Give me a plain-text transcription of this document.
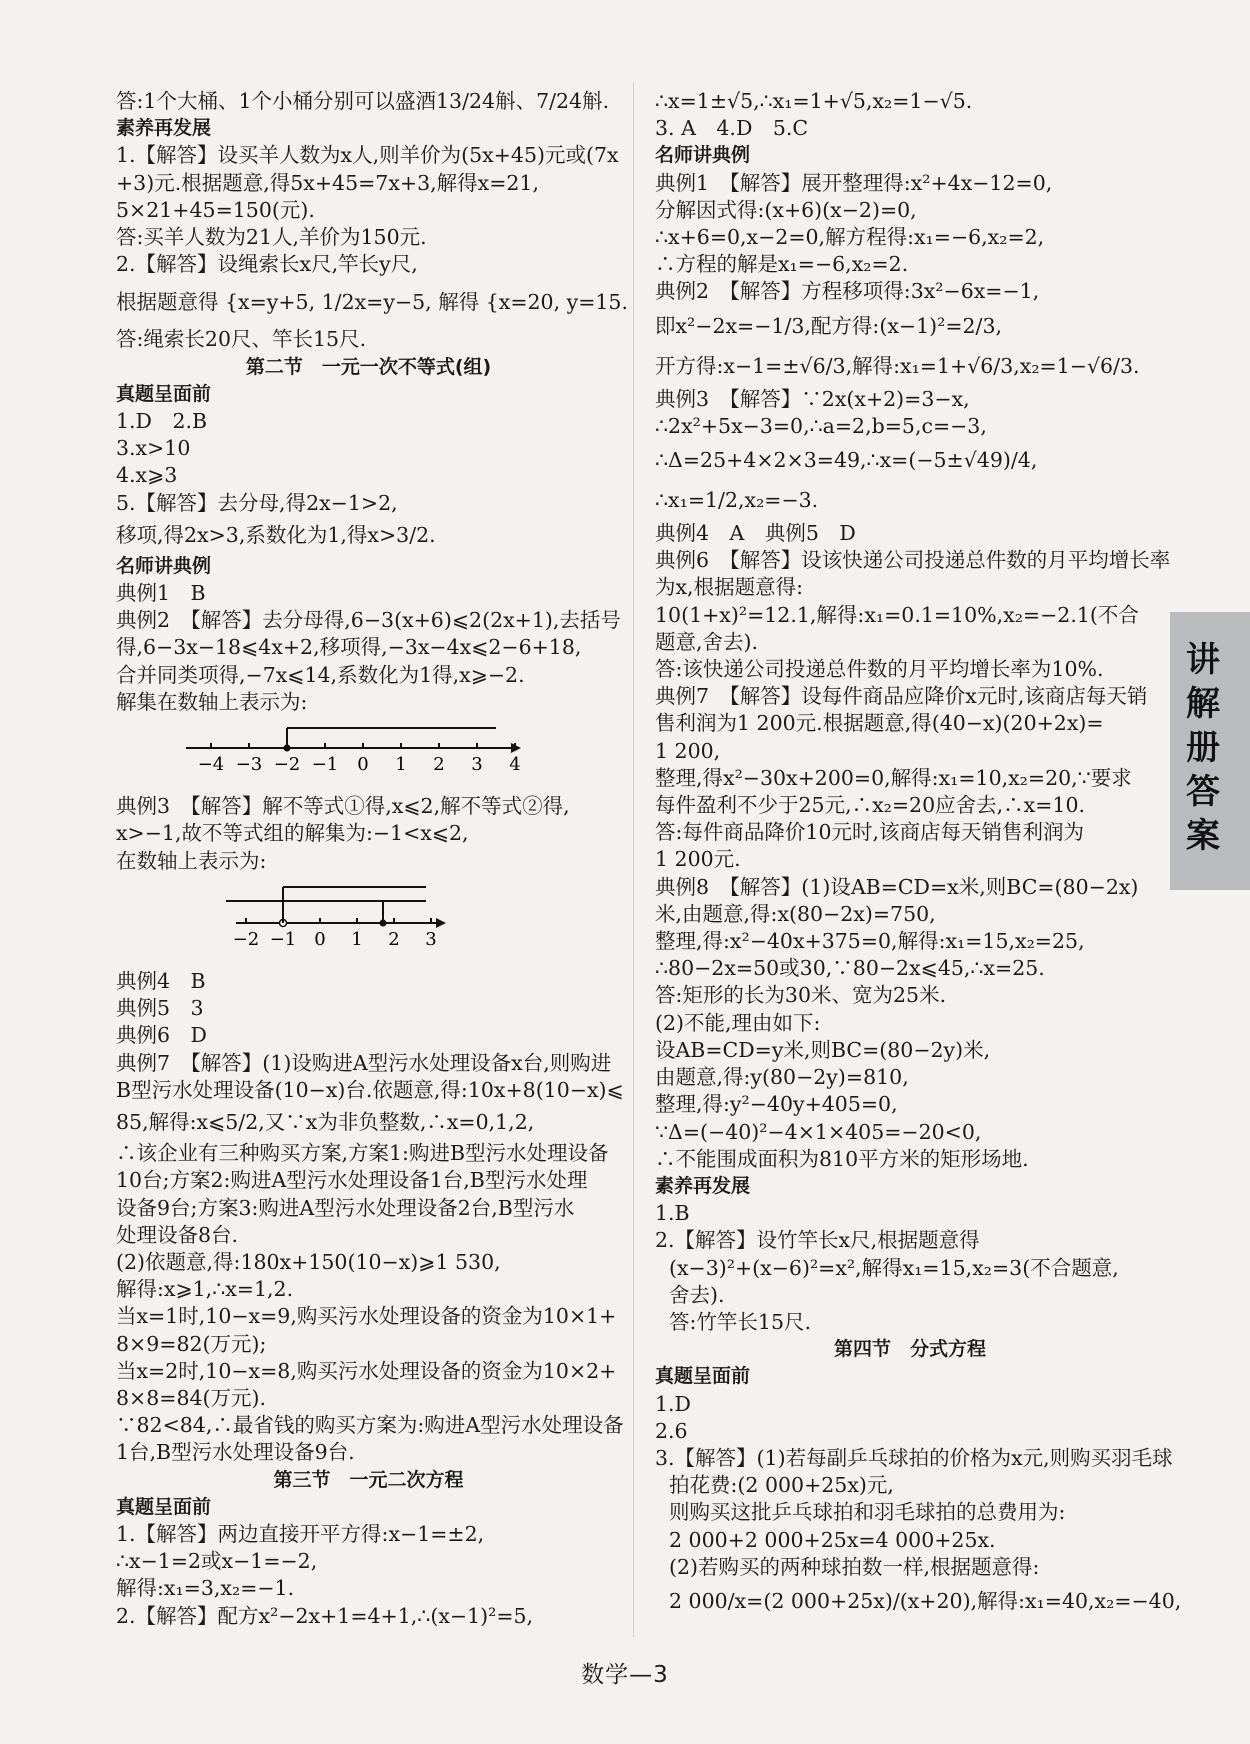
答:1个大桶、1个小桶分别可以盛酒13/24斛、7/24斛.
素养再发展
1.【解答】设买羊人数为x人,则羊价为(5x+45)元或(7x
+3)元.根据题意,得5x+45=7x+3,解得x=21,
5×21+45=150(元).
答:买羊人数为21人,羊价为150元.
2.【解答】设绳索长x尺,竿长y尺,
根据题意得 {x=y+5, 1/2x=y−5, 解得 {x=20, y=15.
答:绳索长20尺、竿长15尺.
第二节　一元一次不等式(组)
真题呈面前
1.D　2.B
3.x>10
4.x⩾3
5.【解答】去分母,得2x−1>2,
移项,得2x>3,系数化为1,得x>3/2.
名师讲典例
典例1　B
典例2　【解答】去分母得,6−3(x+6)⩽2(2x+1),去括号
得,6−3x−18⩽4x+2,移项得,−3x−4x⩽2−6+18,
合并同类项得,−7x⩽14,系数化为1得,x⩾−2.
解集在数轴上表示为:
−4 −3 −2 −1 0 1 2 3 4
典例3　【解答】解不等式①得,x⩽2,解不等式②得,
x>−1,故不等式组的解集为:−1<x⩽2,
在数轴上表示为:
−2 −1 0 1 2 3
典例4　B
典例5　3
典例6　D
典例7　【解答】(1)设购进A型污水处理设备x台,则购进
B型污水处理设备(10−x)台.依题意,得:10x+8(10−x)⩽
85,解得:x⩽5/2,又∵x为非负整数,∴x=0,1,2,
∴该企业有三种购买方案,方案1:购进B型污水处理设备
10台;方案2:购进A型污水处理设备1台,B型污水处理
设备9台;方案3:购进A型污水处理设备2台,B型污水
处理设备8台.
(2)依题意,得:180x+150(10−x)⩾1 530,
解得:x⩾1,∴x=1,2.
当x=1时,10−x=9,购买污水处理设备的资金为10×1+
8×9=82(万元);
当x=2时,10−x=8,购买污水处理设备的资金为10×2+
8×8=84(万元).
∵82<84,∴最省钱的购买方案为:购进A型污水处理设备
1台,B型污水处理设备9台.
第三节　一元二次方程
真题呈面前
1.【解答】两边直接开平方得:x−1=±2,
∴x−1=2或x−1=−2,
解得:x₁=3,x₂=−1.
2.【解答】配方x²−2x+1=4+1,∴(x−1)²=5,
∴x=1±√5,∴x₁=1+√5,x₂=1−√5.
3. A　4.D　5.C
名师讲典例
典例1　【解答】展开整理得:x²+4x−12=0,
分解因式得:(x+6)(x−2)=0,
∴x+6=0,x−2=0,解方程得:x₁=−6,x₂=2,
∴方程的解是x₁=−6,x₂=2.
典例2　【解答】方程移项得:3x²−6x=−1,
即x²−2x=−1/3,配方得:(x−1)²=2/3,
开方得:x−1=±√6/3,解得:x₁=1+√6/3,x₂=1−√6/3.
典例3　【解答】∵2x(x+2)=3−x,
∴2x²+5x−3=0,∴a=2,b=5,c=−3,
∴Δ=25+4×2×3=49,∴x=(−5±√49)/4,
∴x₁=1/2,x₂=−3.
典例4　A　典例5　D
典例6　【解答】设该快递公司投递总件数的月平均增长率
为x,根据题意得:
10(1+x)²=12.1,解得:x₁=0.1=10%,x₂=−2.1(不合
题意,舍去).
答:该快递公司投递总件数的月平均增长率为10%.
典例7　【解答】设每件商品应降价x元时,该商店每天销
售利润为1 200元.根据题意,得(40−x)(20+2x)=
1 200,
整理,得x²−30x+200=0,解得:x₁=10,x₂=20,∵要求
每件盈利不少于25元,∴x₂=20应舍去,∴x=10.
答:每件商品降价10元时,该商店每天销售利润为
1 200元.
典例8　【解答】(1)设AB=CD=x米,则BC=(80−2x)
米,由题意,得:x(80−2x)=750,
整理,得:x²−40x+375=0,解得:x₁=15,x₂=25,
∴80−2x=50或30,∵80−2x⩽45,∴x=25.
答:矩形的长为30米、宽为25米.
(2)不能,理由如下:
设AB=CD=y米,则BC=(80−2y)米,
由题意,得:y(80−2y)=810,
整理,得:y²−40y+405=0,
∵Δ=(−40)²−4×1×405=−20<0,
∴不能围成面积为810平方米的矩形场地.
素养再发展
1.B
2.【解答】设竹竿长x尺,根据题意得
(x−3)²+(x−6)²=x²,解得x₁=15,x₂=3(不合题意,
舍去).
答:竹竿长15尺.
第四节　分式方程
真题呈面前
1.D
2.6
3.【解答】(1)若每副乒乓球拍的价格为x元,则购买羽毛球
拍花费:(2 000+25x)元,
则购买这批乒乓球拍和羽毛球拍的总费用为:
2 000+2 000+25x=4 000+25x.
(2)若购买的两种球拍数一样,根据题意得:
2 000/x=(2 000+25x)/(x+20),解得:x₁=40,x₂=−40,
讲
解
册
答
案
数学—3
